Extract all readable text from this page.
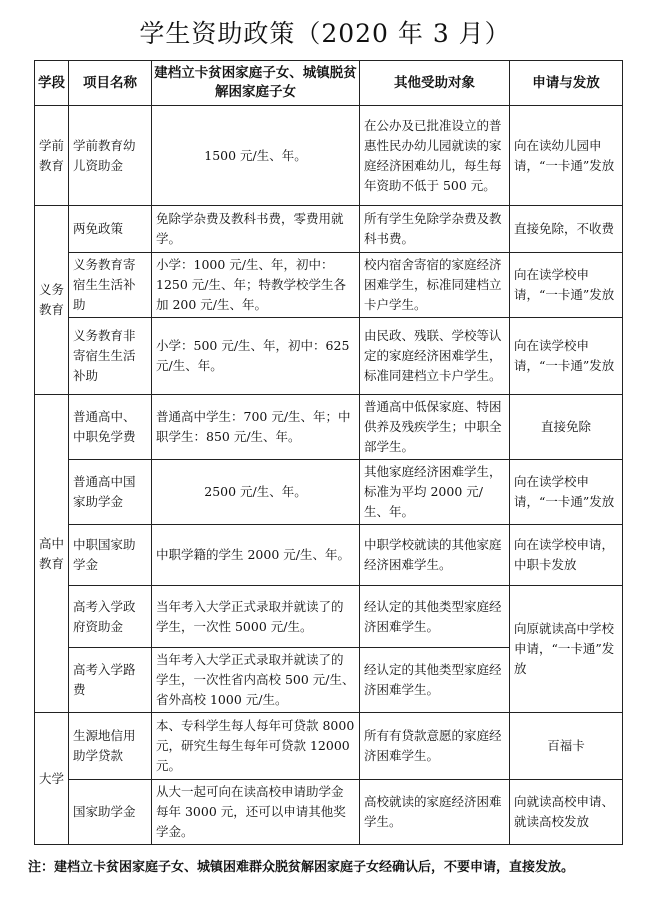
学生资助政策（2020 年 3 月）
学段	项目名称	建档立卡贫困家庭子女、城镇脱贫解困家庭子女	其他受助对象	申请与发放
学前教育	学前教育幼儿资助金	1500 元/生、年。	在公办及已批准设立的普惠性民办幼儿园就读的家庭经济困难幼儿，每生每年资助不低于 500 元。	向在读幼儿园申请，“一卡通”发放
义务教育	两免政策	免除学杂费及教科书费，零费用就学。	所有学生免除学杂费及教科书费。	直接免除，不收费
	义务教育寄宿生生活补助	小学：1000 元/生、年，初中：1250 元/生、年；特教学校学生各加 200 元/生、年。	校内宿舍寄宿的家庭经济困难学生，标准同建档立卡户学生。	向在读学校申请，“一卡通”发放
	义务教育非寄宿生生活补助	小学：500 元/生、年，初中：625 元/生、年。	由民政、残联、学校等认定的家庭经济困难学生，标准同建档立卡户学生。	向在读学校申请，“一卡通”发放
高中教育	普通高中、中职免学费	普通高中学生：700 元/生、年；中职学生：850 元/生、年。	普通高中低保家庭、特困供养及残疾学生；中职全部学生。	直接免除
	普通高中国家助学金	2500 元/生、年。	其他家庭经济困难学生，标准为平均 2000 元/生、年。	向在读学校申请，“一卡通”发放
	中职国家助学金	中职学籍的学生 2000 元/生、年。	中职学校就读的其他家庭经济困难学生。	向在读学校申请，中职卡发放
	高考入学政府资助金	当年考入大学正式录取并就读了的学生，一次性 5000 元/生。	经认定的其他类型家庭经济困难学生。	向原就读高中学校申请，“一卡通”发放
	高考入学路费	当年考入大学正式录取并就读了的学生，一次性省内高校 500 元/生、省外高校 1000 元/生。	经认定的其他类型家庭经济困难学生。	
大学	生源地信用助学贷款	本、专科学生每人每年可贷款 8000 元，研究生每生每年可贷款 12000 元。	所有有贷款意愿的家庭经济困难学生。	百福卡
	国家助学金	从大一起可向在读高校申请助学金每年 3000 元，还可以申请其他奖学金。	高校就读的家庭经济困难学生。	向就读高校申请、就读高校发放
注：建档立卡贫困家庭子女、城镇困难群众脱贫解困家庭子女经确认后，不要申请，直接发放。
